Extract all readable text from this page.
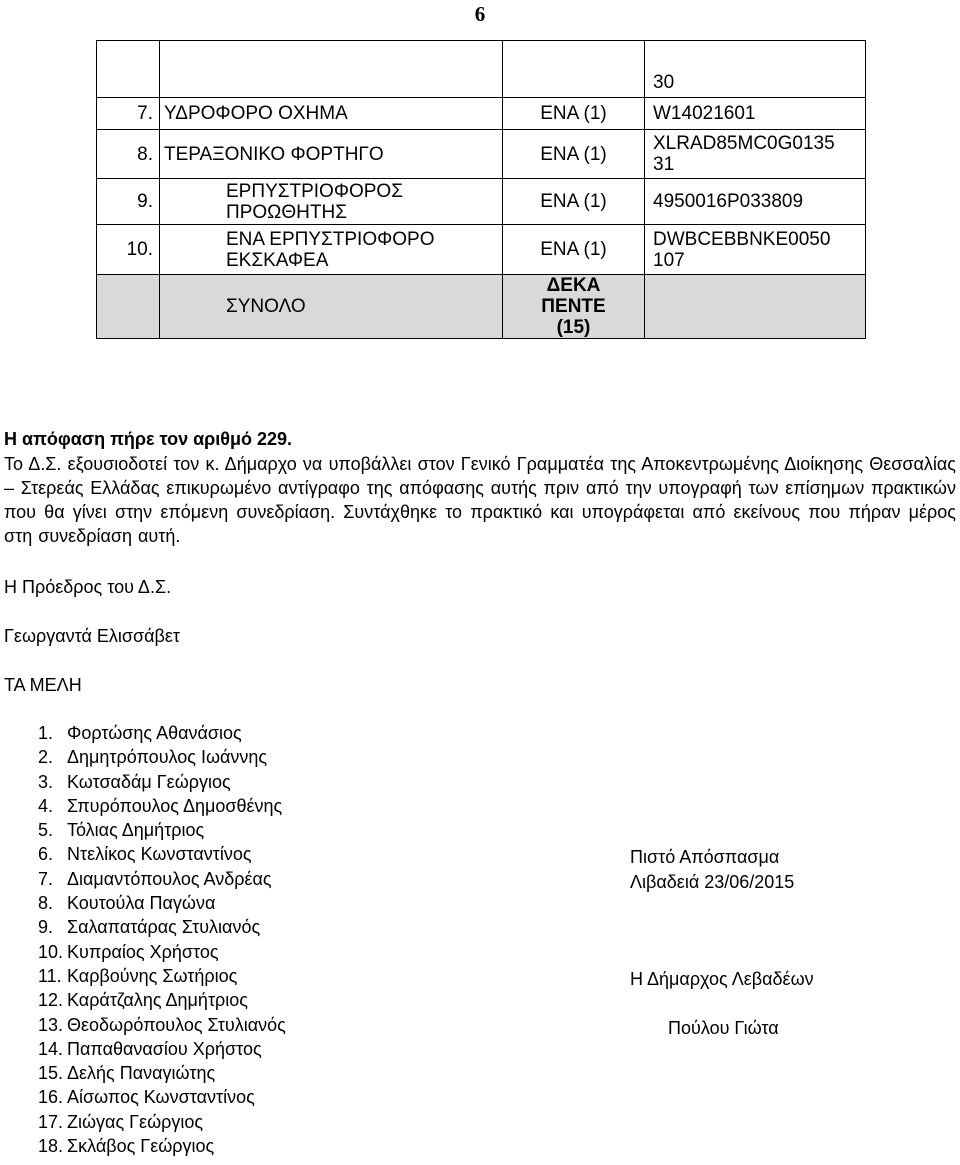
6
			30
7.	ΥΔΡΟΦΟΡΟ ΟΧΗΜΑ	ΕΝΑ (1)	W14021601
8.	ΤΕΡΑΞΟΝΙΚΟ ΦΟΡΤΗΓΟ	ΕΝΑ (1)	XLRAD85MC0G0135 31
9.	ΕΡΠΥΣΤΡΙΟΦΟΡΟΣ ΠΡΟΩΘΗΤΗΣ	ΕΝΑ (1)	4950016P033809
10.	ΕΝΑ ΕΡΠΥΣΤΡΙΟΦΟΡΟ ΕΚΣΚΑΦΕΑ	ΕΝΑ (1)	DWBCEBBNKE0050 107
	ΣΥΝΟΛΟ	ΔΕΚΑ ΠΕΝΤΕ (15)	
Η απόφαση πήρε τον αριθμό 229.
Το Δ.Σ. εξουσιοδοτεί τον κ. Δήμαρχο να υποβάλλει στον Γενικό Γραμματέα της Αποκεντρωμένης Διοίκησης Θεσσαλίας – Στερεάς Ελλάδας επικυρωμένο αντίγραφο της απόφασης αυτής πριν από την υπογραφή των επίσημων πρακτικών που θα γίνει στην επόμενη συνεδρίαση. Συντάχθηκε το πρακτικό και υπογράφεται από εκείνους που πήραν μέρος στη συνεδρίαση αυτή.
Η Πρόεδρος του Δ.Σ.
Γεωργαντά Ελισσάβετ
ΤΑ ΜΕΛΗ
1. Φορτώσης Αθανάσιος
2. Δημητρόπουλος Ιωάννης
3. Κωτσαδάμ Γεώργιος
4. Σπυρόπουλος Δημοσθένης
5. Τόλιας Δημήτριος
6. Ντελίκος Κωνσταντίνος
7. Διαμαντόπουλος Ανδρέας
8. Κουτούλα Παγώνα
9. Σαλαπατάρας Στυλιανός
10. Κυπραίος Χρήστος
11. Καρβούνης Σωτήριος
12. Καράτζαλης Δημήτριος
13. Θεοδωρόπουλος Στυλιανός
14. Παπαθανασίου Χρήστος
15. Δελής Παναγιώτης
16. Αίσωπος Κωνσταντίνος
17. Ζιώγας Γεώργιος
18. Σκλάβος Γεώργιος
Πιστό Απόσπασμα
Λιβαδειά 23/06/2015
Η Δήμαρχος Λεβαδέων
Πούλου Γιώτα
